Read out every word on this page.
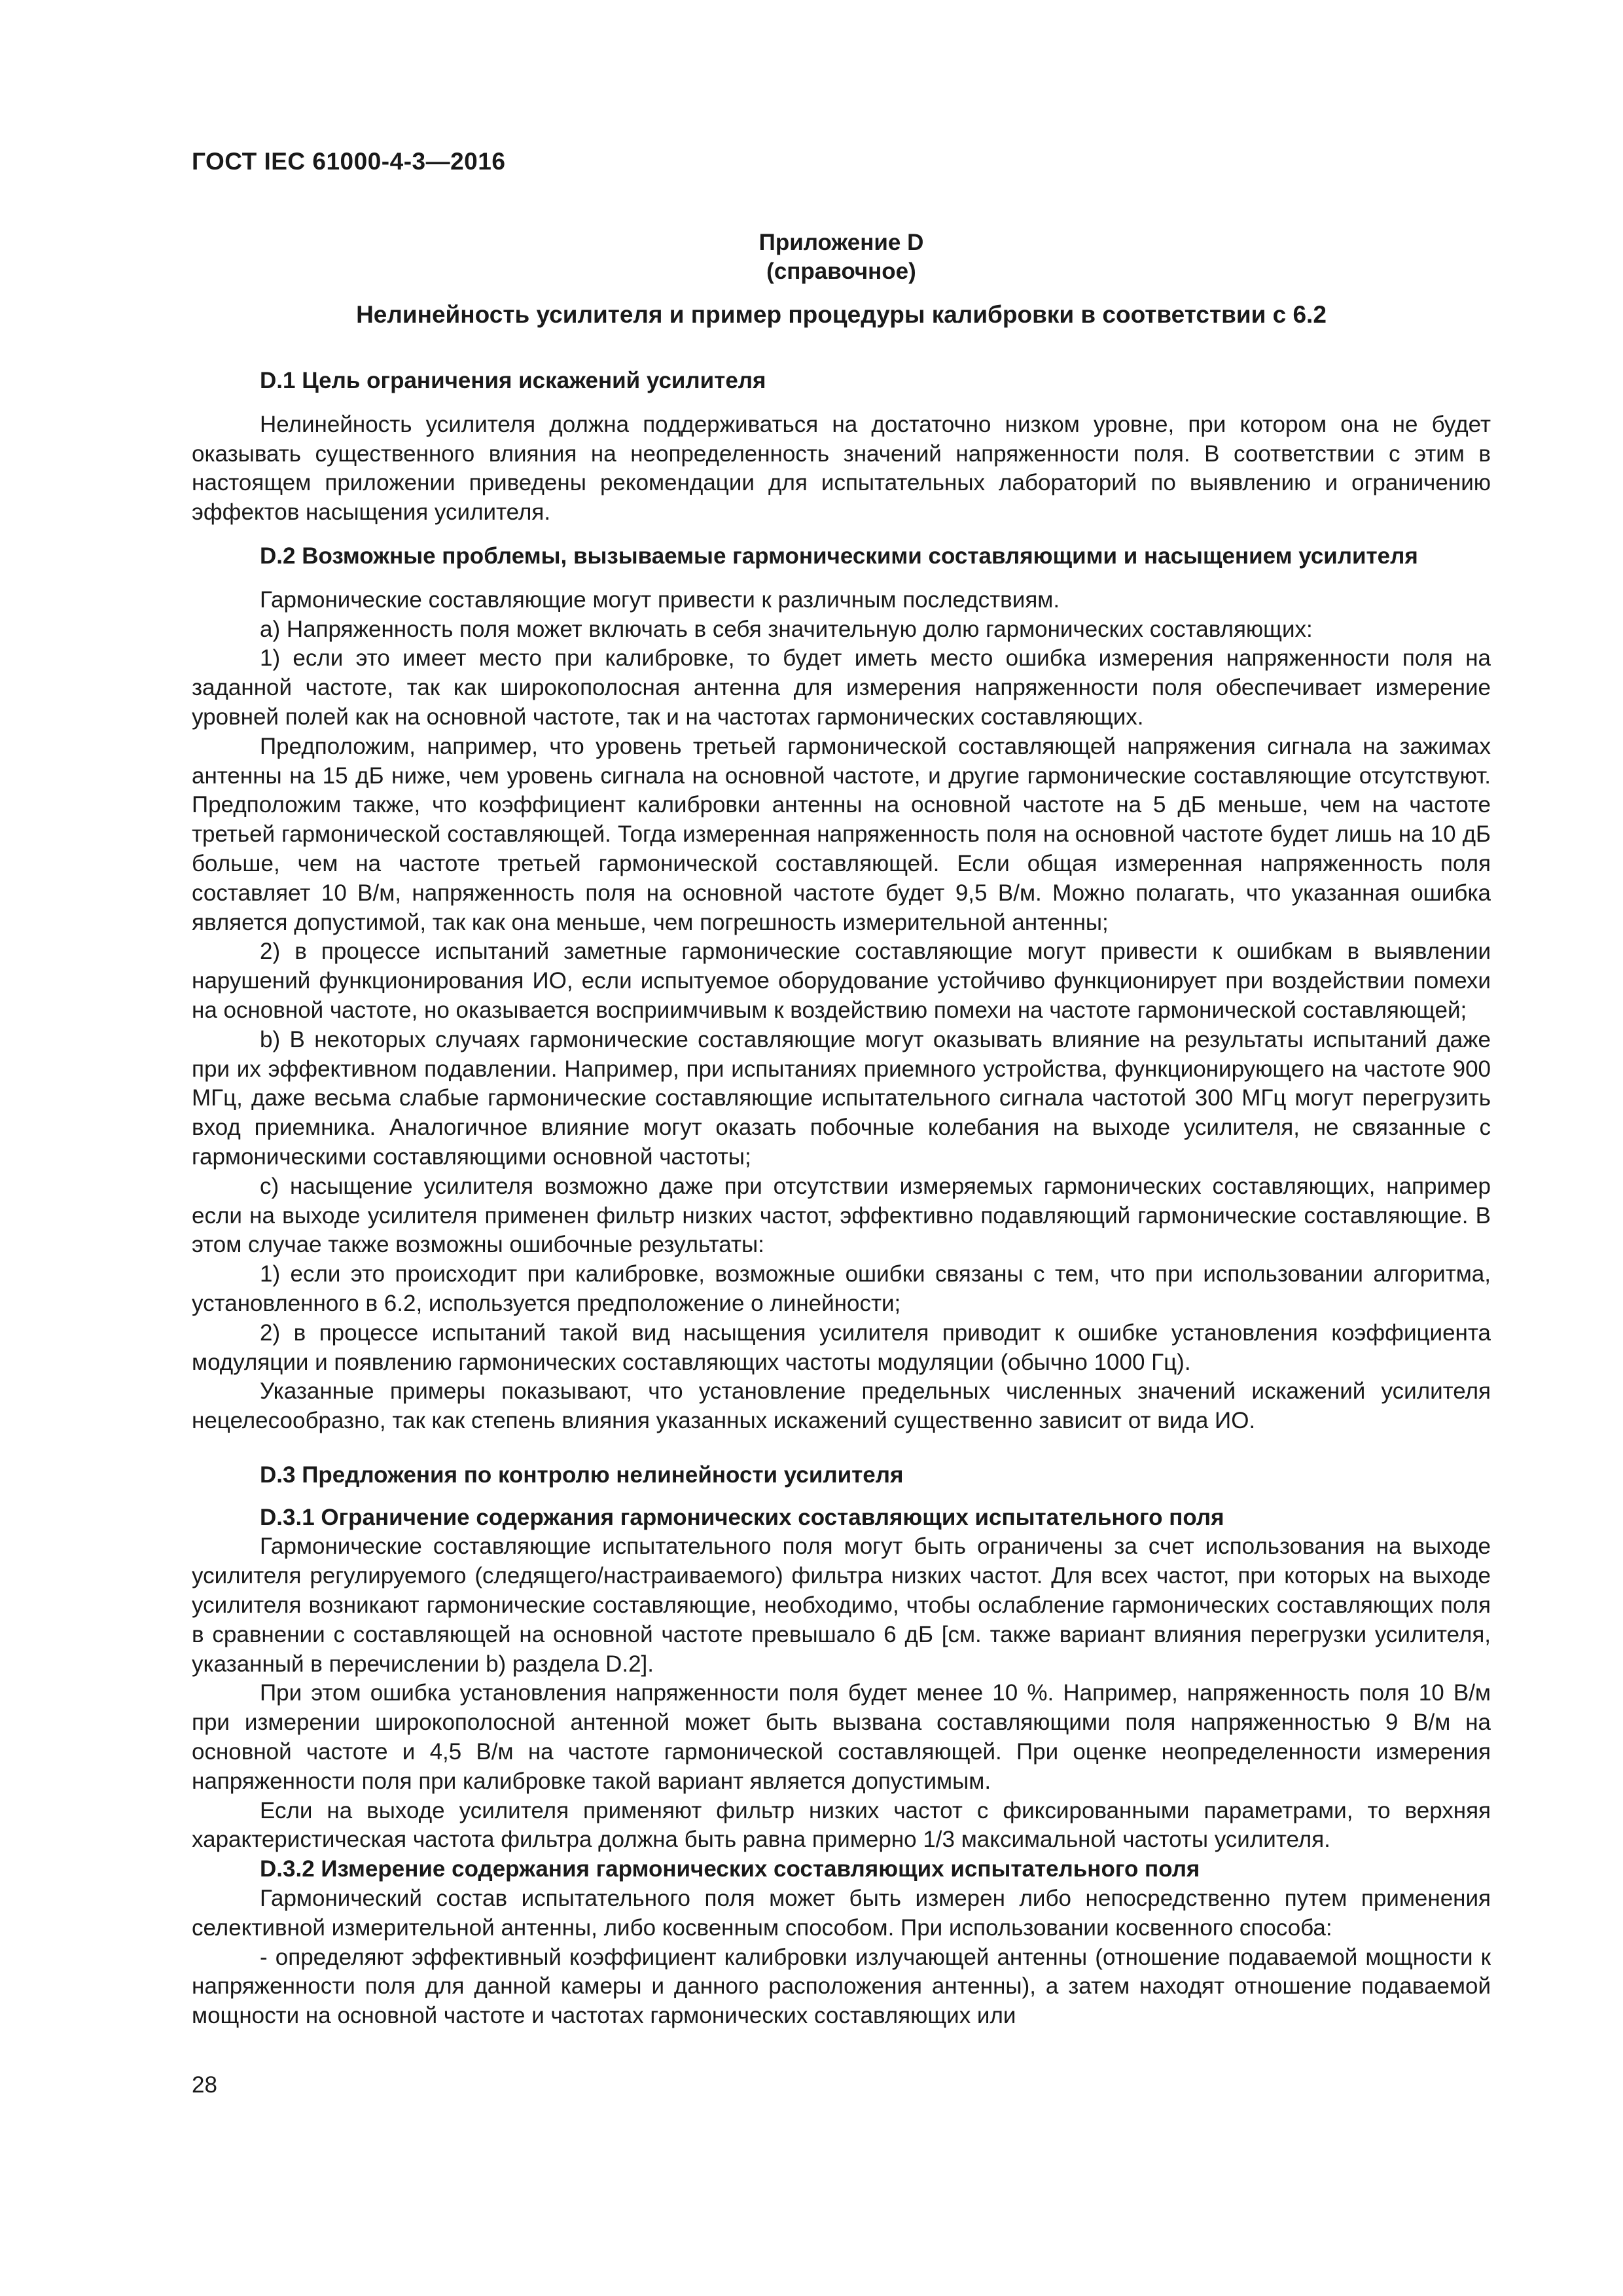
ГОСТ IEC 61000-4-3—2016
Приложение D
(справочное)
Нелинейность усилителя и пример процедуры калибровки в соответствии с 6.2
D.1 Цель ограничения искажений усилителя

Нелинейность усилителя должна поддерживаться на достаточно низком уровне, при котором она не будет оказывать существенного влияния на неопределенность значений напряженности поля. В соответствии с этим в настоящем приложении приведены рекомендации для испытательных лабораторий по выявлению и ограничению эффектов насыщения усилителя.

D.2 Возможные проблемы, вызываемые гармоническими составляющими и насыщением усилителя

Гармонические составляющие могут привести к различным последствиям.

a) Напряженность поля может включать в себя значительную долю гармонических составляющих:

1) если это имеет место при калибровке, то будет иметь место ошибка измерения напряженности поля на заданной частоте, так как широкополосная антенна для измерения напряженности поля обеспечивает измерение уровней полей как на основной частоте, так и на частотах гармонических составляющих.

Предположим, например, что уровень третьей гармонической составляющей напряжения сигнала на зажимах антенны на 15 дБ ниже, чем уровень сигнала на основной частоте, и другие гармонические составляющие отсутствуют. Предположим также, что коэффициент калибровки антенны на основной частоте на 5 дБ меньше, чем на частоте третьей гармонической составляющей. Тогда измеренная напряженность поля на основной частоте будет лишь на 10 дБ больше, чем на частоте третьей гармонической составляющей. Если общая измеренная напряженность поля составляет 10 В/м, напряженность поля на основной частоте будет 9,5 В/м. Можно полагать, что указанная ошибка является допустимой, так как она меньше, чем погрешность измерительной антенны;

2) в процессе испытаний заметные гармонические составляющие могут привести к ошибкам в выявлении нарушений функционирования ИО, если испытуемое оборудование устойчиво функционирует при воздействии помехи на основной частоте, но оказывается восприимчивым к воздействию помехи на частоте гармонической составляющей;

b) В некоторых случаях гармонические составляющие могут оказывать влияние на результаты испытаний даже при их эффективном подавлении. Например, при испытаниях приемного устройства, функционирующего на частоте 900 МГц, даже весьма слабые гармонические составляющие испытательного сигнала частотой 300 МГц могут перегрузить вход приемника. Аналогичное влияние могут оказать побочные колебания на выходе усилителя, не связанные с гармоническими составляющими основной частоты;

c) насыщение усилителя возможно даже при отсутствии измеряемых гармонических составляющих, например если на выходе усилителя применен фильтр низких частот, эффективно подавляющий гармонические составляющие. В этом случае также возможны ошибочные результаты:

1) если это происходит при калибровке, возможные ошибки связаны с тем, что при использовании алгоритма, установленного в 6.2, используется предположение о линейности;

2) в процессе испытаний такой вид насыщения усилителя приводит к ошибке установления коэффициента модуляции и появлению гармонических составляющих частоты модуляции (обычно 1000 Гц).

Указанные примеры показывают, что установление предельных численных значений искажений усилителя нецелесообразно, так как степень влияния указанных искажений существенно зависит от вида ИО.

D.3 Предложения по контролю нелинейности усилителя
D.3.1 Ограничение содержания гармонических составляющих испытательного поля

Гармонические составляющие испытательного поля могут быть ограничены за счет использования на выходе усилителя регулируемого (следящего/настраиваемого) фильтра низких частот. Для всех частот, при которых на выходе усилителя возникают гармонические составляющие, необходимо, чтобы ослабление гармонических составляющих поля в сравнении с составляющей на основной частоте превышало 6 дБ [см. также вариант влияния перегрузки усилителя, указанный в перечислении b) раздела D.2].

При этом ошибка установления напряженности поля будет менее 10 %. Например, напряженность поля 10 В/м при измерении широкополосной антенной может быть вызвана составляющими поля напряженностью 9 В/м на основной частоте и 4,5 В/м на частоте гармонической составляющей. При оценке неопределенности измерения напряженности поля при калибровке такой вариант является допустимым.

Если на выходе усилителя применяют фильтр низких частот с фиксированными параметрами, то верхняя характеристическая частота фильтра должна быть равна примерно 1/3 максимальной частоты усилителя.

D.3.2 Измерение содержания гармонических составляющих испытательного поля

Гармонический состав испытательного поля может быть измерен либо непосредственно путем применения селективной измерительной антенны, либо косвенным способом. При использовании косвенного способа:

- определяют эффективный коэффициент калибровки излучающей антенны (отношение подаваемой мощности к напряженности поля для данной камеры и данного расположения антенны), а затем находят отношение подаваемой мощности на основной частоте и частотах гармонических составляющих или

28
